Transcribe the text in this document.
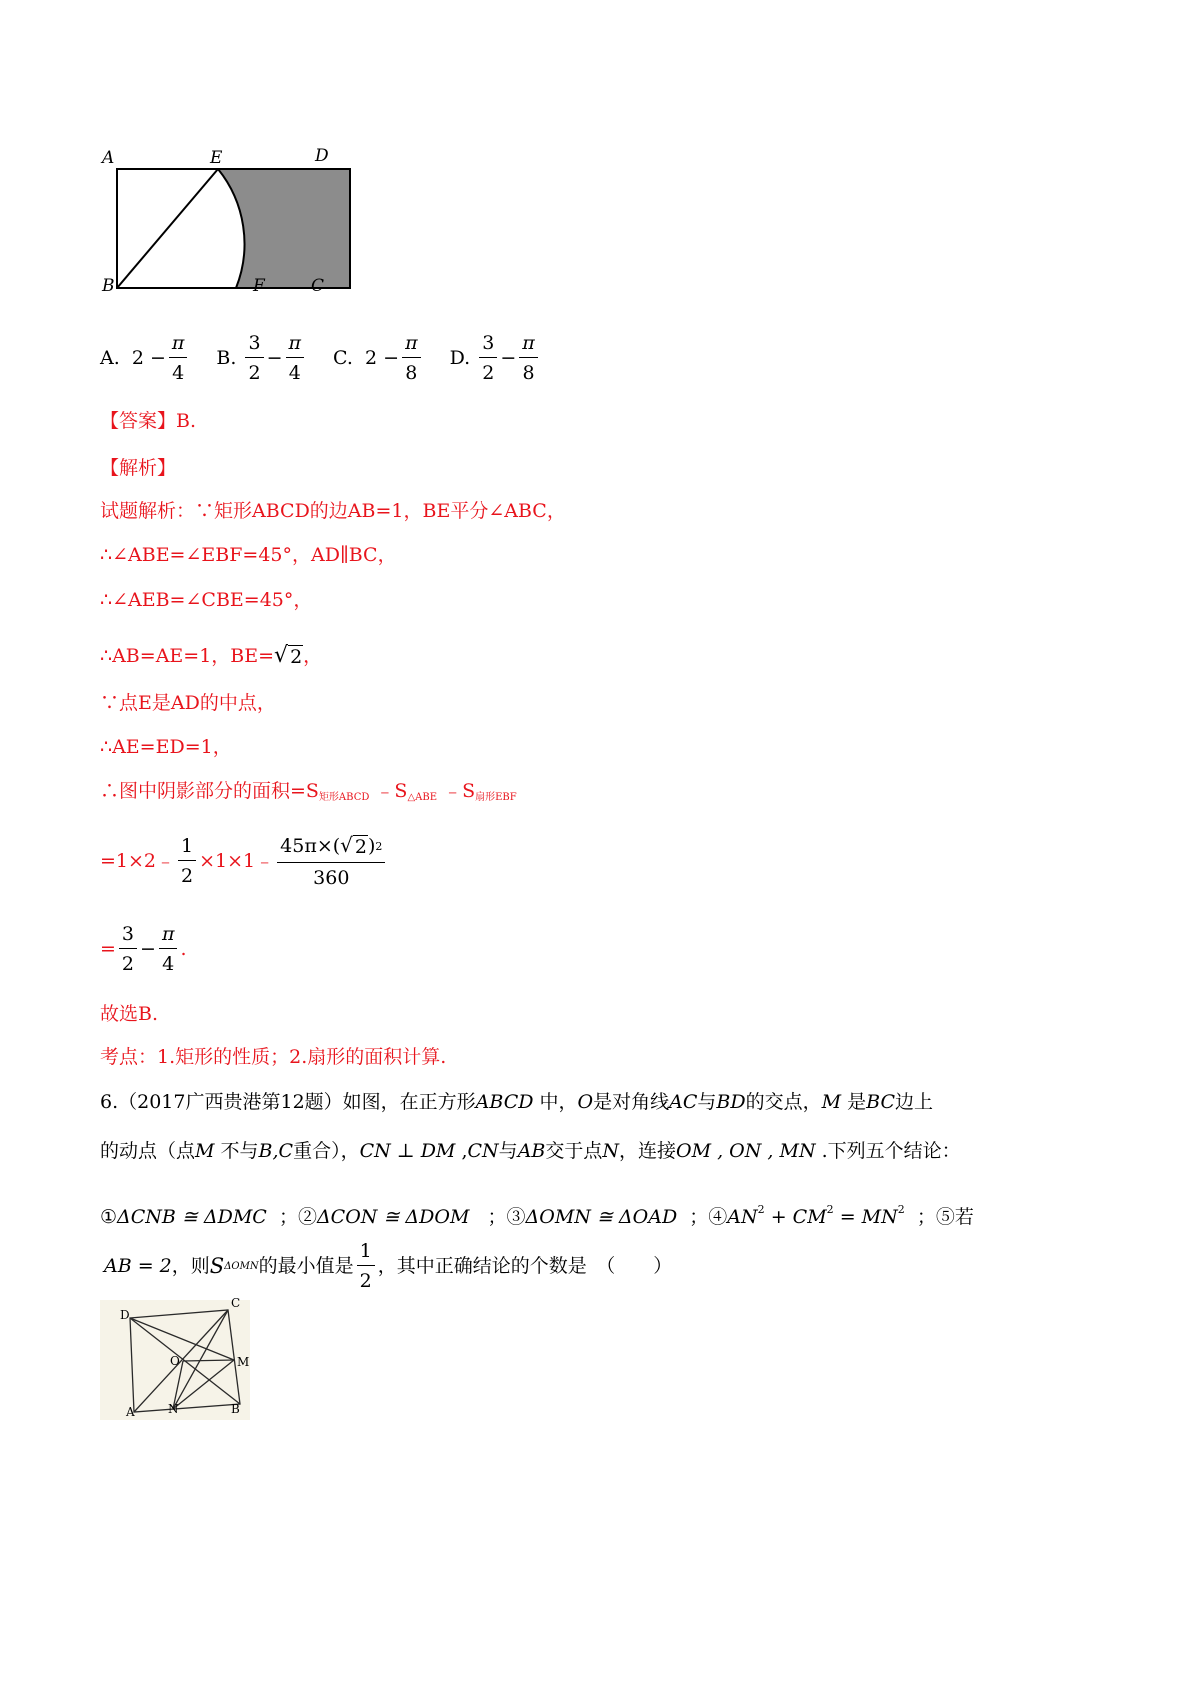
A	E	D
B	F	C
A.
2
− $\frac{\pi}{4} B$.
$\frac{3}{2} - \frac{\pi}{4} C$.
2
− $\frac{\pi}{8} D$.
$\frac{3}{2} - \frac{\pi}{8}$
【答案】B.
【解析】
试题解析：∵矩形ABCD的边AB=1，BE平分∠ABC，
∴∠ABE=∠EBF=45°，AD∥BC，
∴∠AEB=∠CBE=45°，
∴AB=AE=1，BE= √ 2 ，
∵点E是AD的中点，
∴AE=ED=1，
∴图中阴影部分的面积$=S_{矩形ABCD}$ $﹣S_{\triangle ABE}$ $﹣S_{扇形EBF}$
=1×2﹣ $\frac{1}{2}$ ×1×1﹣ $\frac{45\pi\times( √ 2 ) 2}{360}$
= $\frac{3}{2} - \frac{\pi}{4}$ .
故选B.
考点：1.矩形的性质；2.扇形的面积计算.
6.（2017广西贵港第12题）如图，在正方形ABCD 中，O是对角线AC与BD的交点，M 是BC边上
的动点（点M 不与B,C重合），CN ⊥ DM ,CN与AB交于点N，连接OM , ON , MN .下列五个结论：
①ΔCNB ≅ ΔDMC ；②ΔCON ≅ ΔDOM ；③ΔOMN ≅ ΔOAD ；$④AN^2 + CM^2 = MN^2$ ；⑤若
AB = 2 ，则 S ΔOMN 的最小值是 $\frac{1}{2}$ ，其中正确结论的个数是　（　　）
D
C
O	M
A	N	B
